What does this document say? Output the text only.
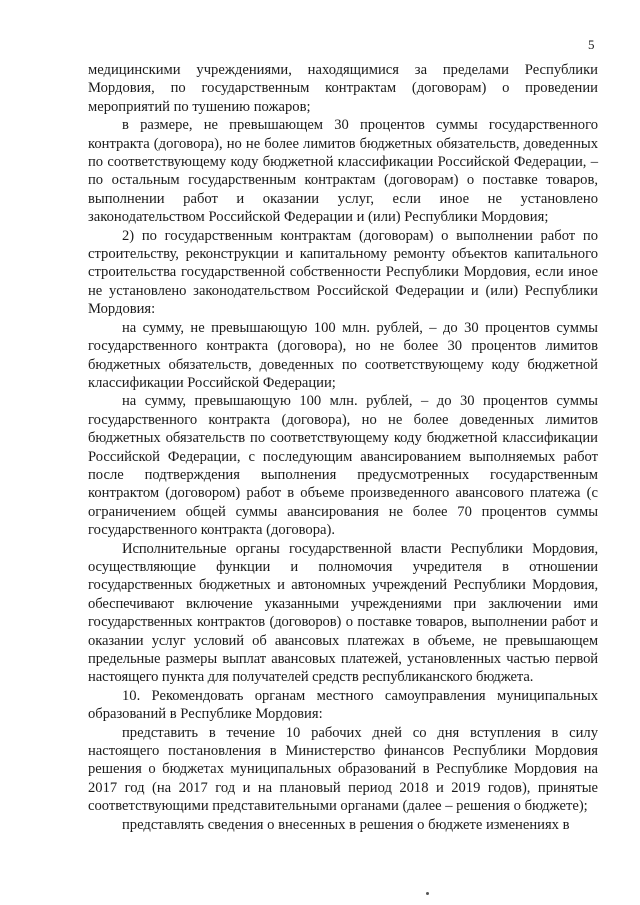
5

медицинскими учреждениями, находящимися за пределами Республики Мордовия, по государственным контрактам (договорам) о проведении мероприятий по тушению пожаров;

в размере, не превышающем 30 процентов суммы государственного контракта (договора), но не более лимитов бюджетных обязательств, доведенных по соответствующему коду бюджетной классификации Российской Федерации, – по остальным государственным контрактам (договорам) о поставке товаров, выполнении работ и оказании услуг, если иное не установлено законодательством Российской Федерации и (или) Республики Мордовия;

2) по государственным контрактам (договорам) о выполнении работ по строительству, реконструкции и капитальному ремонту объектов капитального строительства государственной собственности Республики Мордовия, если иное не установлено законодательством Российской Федерации и (или) Республики Мордовия:

на сумму, не превышающую 100 млн. рублей, – до 30 процентов суммы государственного контракта (договора), но не более 30 процентов лимитов бюджетных обязательств, доведенных по соответствующему коду бюджетной классификации Российской Федерации;

на сумму, превышающую 100 млн. рублей, – до 30 процентов суммы государственного контракта (договора), но не более доведенных лимитов бюджетных обязательств по соответствующему коду бюджетной классификации Российской Федерации, с последующим авансированием выполняемых работ после подтверждения выполнения предусмотренных государственным контрактом (договором) работ в объеме произведенного авансового платежа (с ограничением общей суммы авансирования не более 70 процентов суммы государственного контракта (договора).

Исполнительные органы государственной власти Республики Мордовия, осуществляющие функции и полномочия учредителя в отношении государственных бюджетных и автономных учреждений Республики Мордовия, обеспечивают включение указанными учреждениями при заключении ими государственных контрактов (договоров) о поставке товаров, выполнении работ и оказании услуг условий об авансовых платежах в объеме, не превышающем предельные размеры выплат авансовых платежей, установленных частью первой настоящего пункта для получателей средств республиканского бюджета.

10. Рекомендовать органам местного самоуправления муниципальных образований в Республике Мордовия:

представить в течение 10 рабочих дней со дня вступления в силу настоящего постановления в Министерство финансов Республики Мордовия решения о бюджетах муниципальных образований в Республике Мордовия на 2017 год (на 2017 год и на плановый период 2018 и 2019 годов), принятые соответствующими представительными органами (далее – решения о бюджете);

представлять сведения о внесенных в решения о бюджете изменениях в
